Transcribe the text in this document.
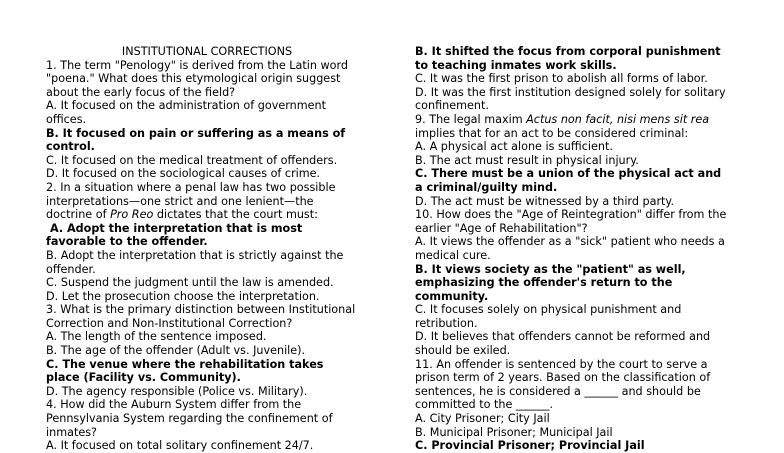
INSTITUTIONAL CORRECTIONS
1. The term "Penology" is derived from the Latin word
"poena." What does this etymological origin suggest
about the early focus of the field?
A. It focused on the administration of government
offices.
B. It focused on pain or suffering as a means of
control.
C. It focused on the medical treatment of offenders.
D. It focused on the sociological causes of crime.
2. In a situation where a penal law has two possible
interpretations—one strict and one lenient—the
doctrine of Pro Reo dictates that the court must:
A. Adopt the interpretation that is most
favorable to the offender.
B. Adopt the interpretation that is strictly against the
offender.
C. Suspend the judgment until the law is amended.
D. Let the prosecution choose the interpretation.
3. What is the primary distinction between Institutional
Correction and Non-Institutional Correction?
A. The length of the sentence imposed.
B. The age of the offender (Adult vs. Juvenile).
C. The venue where the rehabilitation takes
place (Facility vs. Community).
D. The agency responsible (Police vs. Military).
4. How did the Auburn System differ from the
Pennsylvania System regarding the confinement of
inmates?
A. It focused on total solitary confinement 24/7.
B. It shifted the focus from corporal punishment
to teaching inmates work skills.
C. It was the first prison to abolish all forms of labor.
D. It was the first institution designed solely for solitary
confinement.
9. The legal maxim Actus non facit, nisi mens sit rea
implies that for an act to be considered criminal:
A. A physical act alone is sufficient.
B. The act must result in physical injury.
C. There must be a union of the physical act and
a criminal/guilty mind.
D. The act must be witnessed by a third party.
10. How does the "Age of Reintegration" differ from the
earlier "Age of Rehabilitation"?
A. It views the offender as a "sick" patient who needs a
medical cure.
B. It views society as the "patient" as well,
emphasizing the offender's return to the
community.
C. It focuses solely on physical punishment and
retribution.
D. It believes that offenders cannot be reformed and
should be exiled.
11. An offender is sentenced by the court to serve a
prison term of 2 years. Based on the classification of
sentences, he is considered a ______ and should be
committed to the ______.
A. City Prisoner; City Jail
B. Municipal Prisoner; Municipal Jail
C. Provincial Prisoner; Provincial Jail
